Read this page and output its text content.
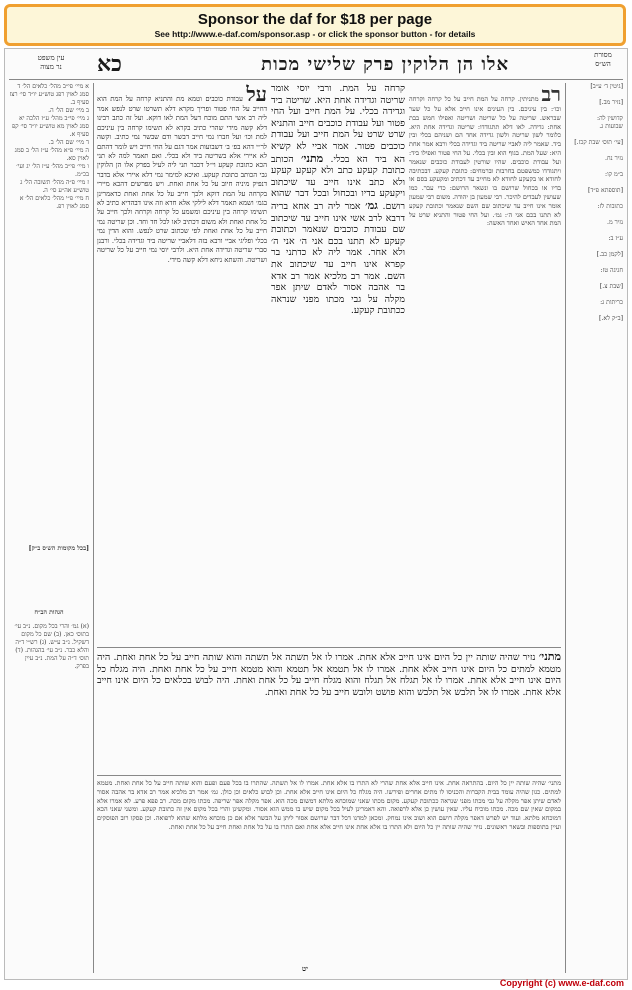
Sponsor the daf for $18 per page
See http://www.e-daf.com/sponsor.asp - or click the sponsor button - for details
עין משפט
נר מצוה
מסורת
הש״ס
אלו הן הלוקין פרק שלישי מכות
כא
א מיי׳ פי״ב מהל׳ כלאים הל׳ ד סמג לאוין רפג טוש״ע יו״ד סי׳ רצז סעיף ב.
ב מיי׳ שם הל׳ ה.
ג מיי׳ פי״ב מהל׳ ע״ז הלכה יא סמג לאוין מא טוש״ע יו״ד סי׳ קפ סעיף א.
ד מיי׳ שם הל׳ ב.
ה מיי׳ פ״א מהל׳ ע״ז הל׳ ב סמג לאוין סא.
ו מיי׳ פי״ב מהל׳ ע״ז הל׳ יג ועי׳ בכ״מ.
ז מיי׳ פ״ה מהל׳ תשובה הל׳ ג טוש״ע אה״ע סי׳ ה.
ח מיי׳ פ״י מהל׳ כלאים הל׳ א סמג לאוין רפ.
[בכל מקומות הש׳ס ב״ק]
הגהות הב״ח
(א) גמ׳ והרי בכל מקום. נ״ב עי׳ בתוס׳ כאן. (ב) שם כל מקום דשקיל. נ״ב ע״ש. (ג) רש״י ד״ה והלא כבר. נ״ב עי׳ בהגהות. (ד) תוס׳ ד״ה על המת. נ״ב עיין בפרק.
[גיטין ד׳ ע״ב]

[נזיר מב.]

קדושין לה:
שבועות ג.

[עי׳ תוס׳ שבת קכז.]

נזיר נח.

ב״מ קו:

[תוספתא פ״ד]

כתובות לז:

נזיר מ.

ע״ז ב:

[לקמן כב.]

חגיגה טז:

[שבת צ.]

כריתות ג:

[ב״ק לא.]
על עבודת כוכבים וטמא מת והתניא קרחה על המת הוא דחייב על החי פטור ופריך מקרא דלא תשרטו שרט לנפש אמר ליה רב אשי התם מוכח דעל המת לאו דוקא. ועל זה כתב רבינו דלא קשה מידי שהרי כתיב בקרא לא תשימו קרחה בין עיניכם למת וכו׳ ועל חברו נמי חייב דבשר ודם שבשר נמי כתיב. וקשה לר״י דהא בפ׳ ב׳ דשבועות אמר דגם על החי חייב ויש לומר דהתם לא איירי אלא בשריטה ביד ולא בכלי. ואם תאמר למה לא תני הכא כתובת קעקע וי״ל דכבר תני ליה לעיל בפרק אלו הן הלוקין גבי הכותב כתובת קעקע. ואיכא למימר נמי דלא איירי אלא בדבר דנפיק מיניה חיוב על כל אחת ואחת. ויש מפרשים דהכא מיירי בקרחה על המת דוקא ולכך חייב על כל אחת ואחת כדאמרינן בגמ׳ ושמא תאמר דלא לילקי אלא חדא וזה אינו דבהדיא כתיב לא תשימו קרחה בין עיניכם ומשמע כל קרחה וקרחה ולכך חייב על כל אחת ואחת ולא משום דכתיב לאו לכל חד וחד. וכן שריטה נמי חייב על כל אחת ואחת לפי שכתוב שרט לנפש. והוא הדין נמי בכלי ופליגי אביי ורבא בזה דלאביי שריטה ביד וגדידה בכלי. ורבנן סברי שריטה וגדידה אחת היא. ולרבי יוסי נמי חייב על כל שריטה ושריטה. והשתא ניחא דלא קשה מידי.
רב מתניתין. קרחה על המת חייב על כל קרחה וקרחה וכו׳: בין עיניכם. בין העינים אינו חייב אלא על כל שער שבראש. שריטה על כל שריטה ושריטה ואפילו חמש בבת אחת: גדידה. לאו דלא תתגודדו: שריטה וגדידה אחת היא. כלומר לשון שריטה ולשון גדידה אחד הם ושניהם בכלי ובין ביד. שאמר ליה לאביי שריטה ביד וגדידה בכלי ורבא אמר אחת היא: שעל המת. בגוף הוא ובין בכלי. על החי פטור ואפילו ביד: ועל עבודת כוכבים. שהיו שורטין לעבודת כוכבים שנאמר ויתגודדו כמשפטם בחרבות וברמחים: כתובת קעקע. דבכתיבה לחודא או בקעקע לחודא לא מחייב עד דכתיב ומקעקע בסם או בדיו או בכחול שרושם בו ונשאר הרושם: כדי עבר. כמו שעושין לעבדים להיכר. רבי שמעון בן יהודה. משום רבי שמעון אומר אינו חייב עד שיכתוב שם השם שנאמר וכתובת קעקע לא תתנו בכם אני ה׳: גמ׳. ועל החי פטור והתניא שרט על המת אחד האיש ואחד האשה:
קרחה על המת. ורבי יוסי אומר שריטה וגדידה אחת היא. שריטה ביד וגדידה בכלי. על המת חייב ועל החי פטור ועל עבודת כוכבים חייב והתניא שרט שרט על המת חייב ועל עבודת כוכבים פטור. אמר אביי לא קשיא הא ביד הא בכלי. מתני׳ הכותב כתובת קעקע כתב ולא קעקע קעקע ולא כתב אינו חייב עד שיכתוב ויקעקע בדיו ובכחול ובכל דבר שהוא רושם. גמ׳ אמר ליה רב אחא בריה דרבא לרב אשי אינו חייב עד שיכתוב שם עבודת כוכבים שנאמר וכתובת קעקע לא תתנו בכם אני ה׳ אני ה׳ ולא אחר. אמר ליה לא כדתני בר קפרא אינו חייב עד שיכתוב את השם. אמר רב מלכיא אמר רב אדא בר אהבה אסור לאדם שיתן אפר מקלה על גבי מכתו מפני שנראה ככתובת קעקע.
מתני׳ נזיר שהיה שותה יין כל היום אינו חייב אלא אחת. אמרו לו אל תשתה אל תשתה והוא שותה חייב על כל אחת ואחת. היה מטמא למתים כל היום אינו חייב אלא אחת. אמרו לו אל תטמא אל תטמא והוא מטמא חייב על כל אחת ואחת. היה מגלח כל היום אינו חייב אלא אחת. אמרו לו אל תגלח אל תגלח והוא מגלח חייב על כל אחת ואחת. היה לבוש בכלאים כל היום אינו חייב אלא אחת. אמרו לו אל תלבש אל תלבש והוא פושט ולובש חייב על כל אחת ואחת.
מתני׳ שהיה שותה יין כל היום. בהתראה אחת. אינו חייב אלא אחת שהרי לא התרו בו אלא אחת. אמרו לו אל תשתה. שהתרו בו בכל פעם ופעם והוא שותה חייב על כל אחת ואחת. מטמא למתים. כגון שהיה עומד בבית הקברות והכניסו לו מתים אחרים ופירשו. היה מגלח כל היום אינו חייב אלא אחת. וכן לבוש כלאים וכן כולן. גמ׳ אמר רב מלכיא אמר רב אדא בר אהבה אסור לאדם שיתן אפר מקלה על גבי מכתו מפני שנראה ככתובת קעקע. מקום מכתו שאני שמוכחא מלתא דמשום מכה הוא. אפר מקלה אפר שריפה. מכתו מקום מכה. רב פפא פרע. לא אמרו אלא במקום שאין שם מכה. מכתו מוכיח עליו. שאין עושין כן אלא לרפואה. והא דאמרינן לעיל בכל מקום שיש בו ממש הוא אסור. ומקשינן והרי בכל מקום אין זה כתובת קעקע. ומשני שאני הכא דמוכחא מלתא. ועוד יש לפרש דאפר מקלה רושם הוא ושוב אינו נמחק. ומכאן למדנו דכל דבר שרושם אסור ליתן על הבשר אלא אם כן מוכחא מלתא שהוא לרפואה. וכן פסקו רוב הפוסקים ועיין בתוספות ובשאר ראשונים. נזיר שהיה שותה יין כל היום ולא התרו בו אלא אחת אינו חייב אלא אחת ואם התרו בו על כל אחת ואחת חייב על כל אחת ואחת.
יט
Copyright (c) www.e-daf.com
